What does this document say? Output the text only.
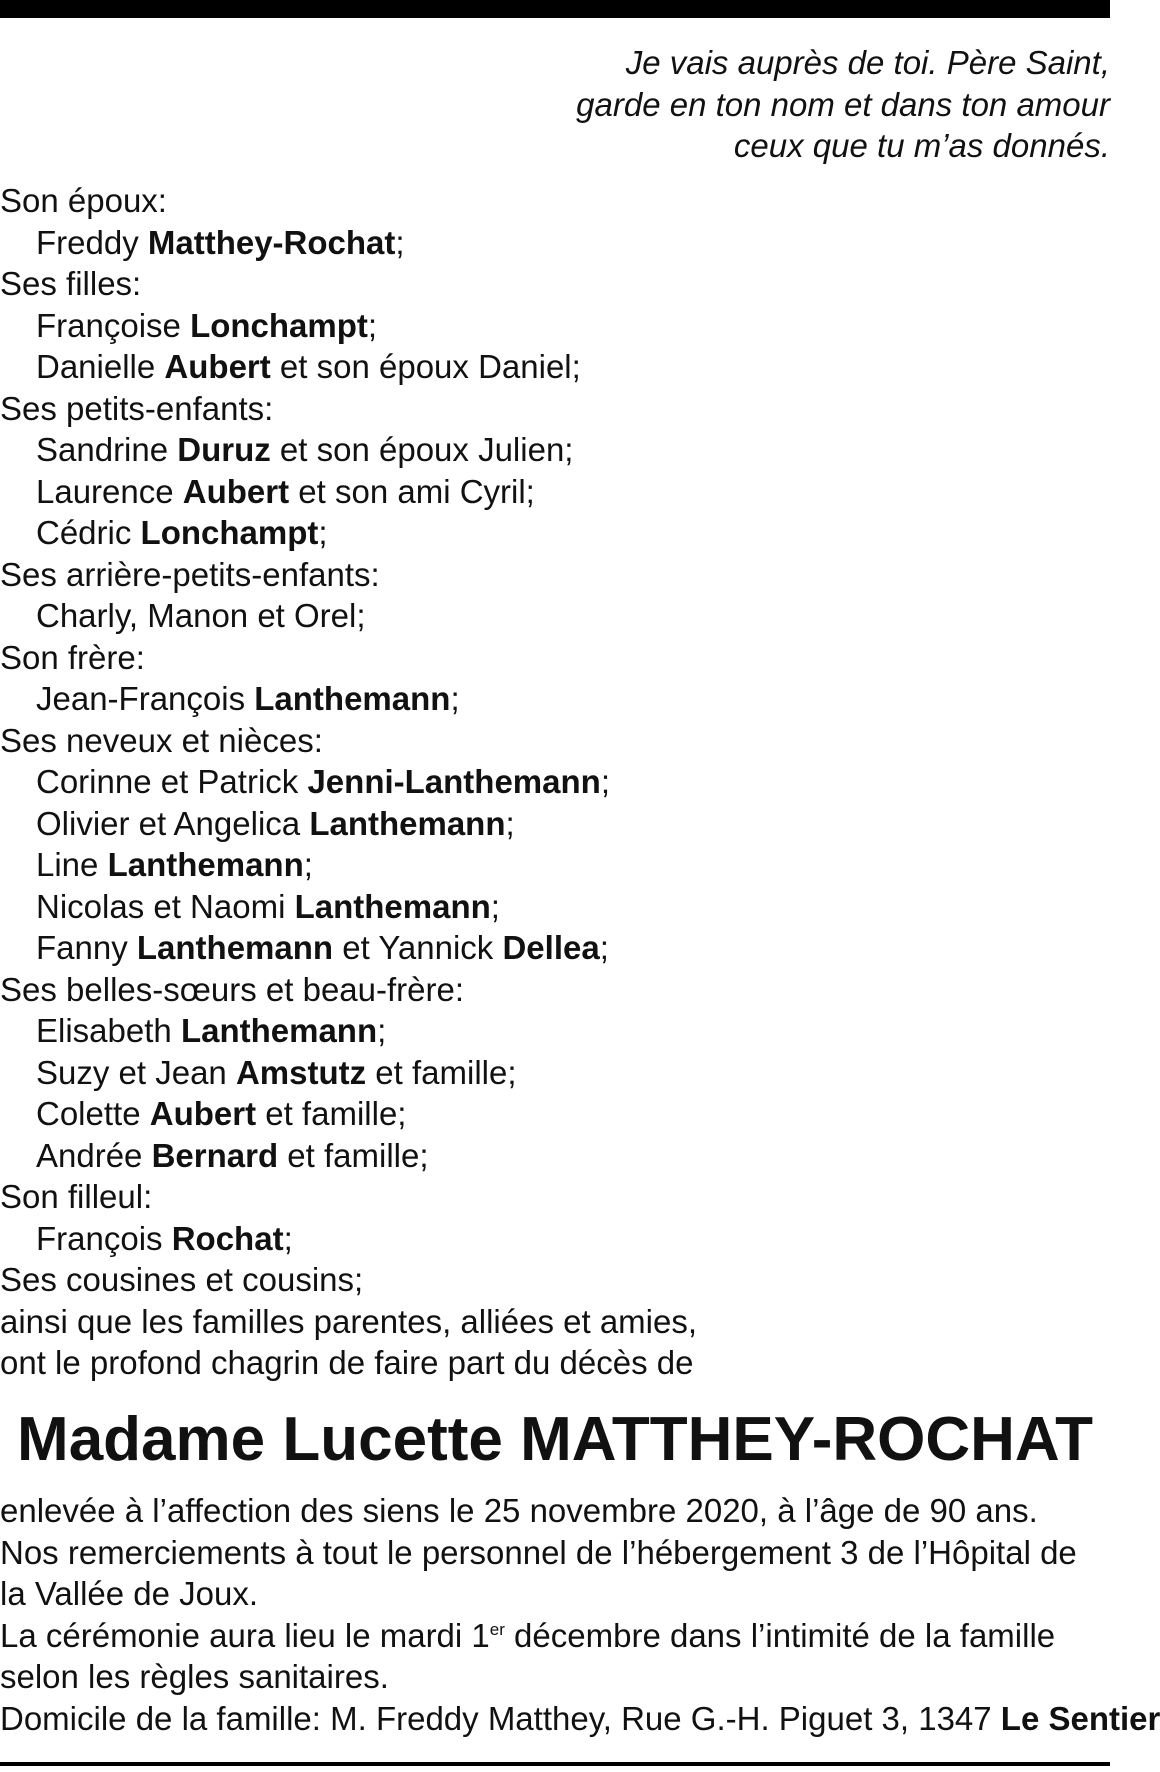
Je vais auprès de toi. Père Saint,
garde en ton nom et dans ton amour
ceux que tu m’as donnés.
Son époux:
Freddy Matthey-Rochat;
Ses filles:
Françoise Lonchampt;
Danielle Aubert et son époux Daniel;
Ses petits-enfants:
Sandrine Duruz et son époux Julien;
Laurence Aubert et son ami Cyril;
Cédric Lonchampt;
Ses arrière-petits-enfants:
Charly, Manon et Orel;
Son frère:
Jean-François Lanthemann;
Ses neveux et nièces:
Corinne et Patrick Jenni-Lanthemann;
Olivier et Angelica Lanthemann;
Line Lanthemann;
Nicolas et Naomi Lanthemann;
Fanny Lanthemann et Yannick Dellea;
Ses belles-sœurs et beau-frère:
Elisabeth Lanthemann;
Suzy et Jean Amstutz et famille;
Colette Aubert et famille;
Andrée Bernard et famille;
Son filleul:
François Rochat;
Ses cousines et cousins;
ainsi que les familles parentes, alliées et amies,
ont le profond chagrin de faire part du décès de
Madame Lucette MATTHEY-ROCHAT
enlevée à l’affection des siens le 25 novembre 2020, à l’âge de 90 ans.
Nos remerciements à tout le personnel de l’hébergement 3 de l’Hôpital de
la Vallée de Joux.
La cérémonie aura lieu le mardi 1er décembre dans l’intimité de la famille
selon les règles sanitaires.
Domicile de la famille: M. Freddy Matthey, Rue G.-H. Piguet 3, 1347 Le Sentier
